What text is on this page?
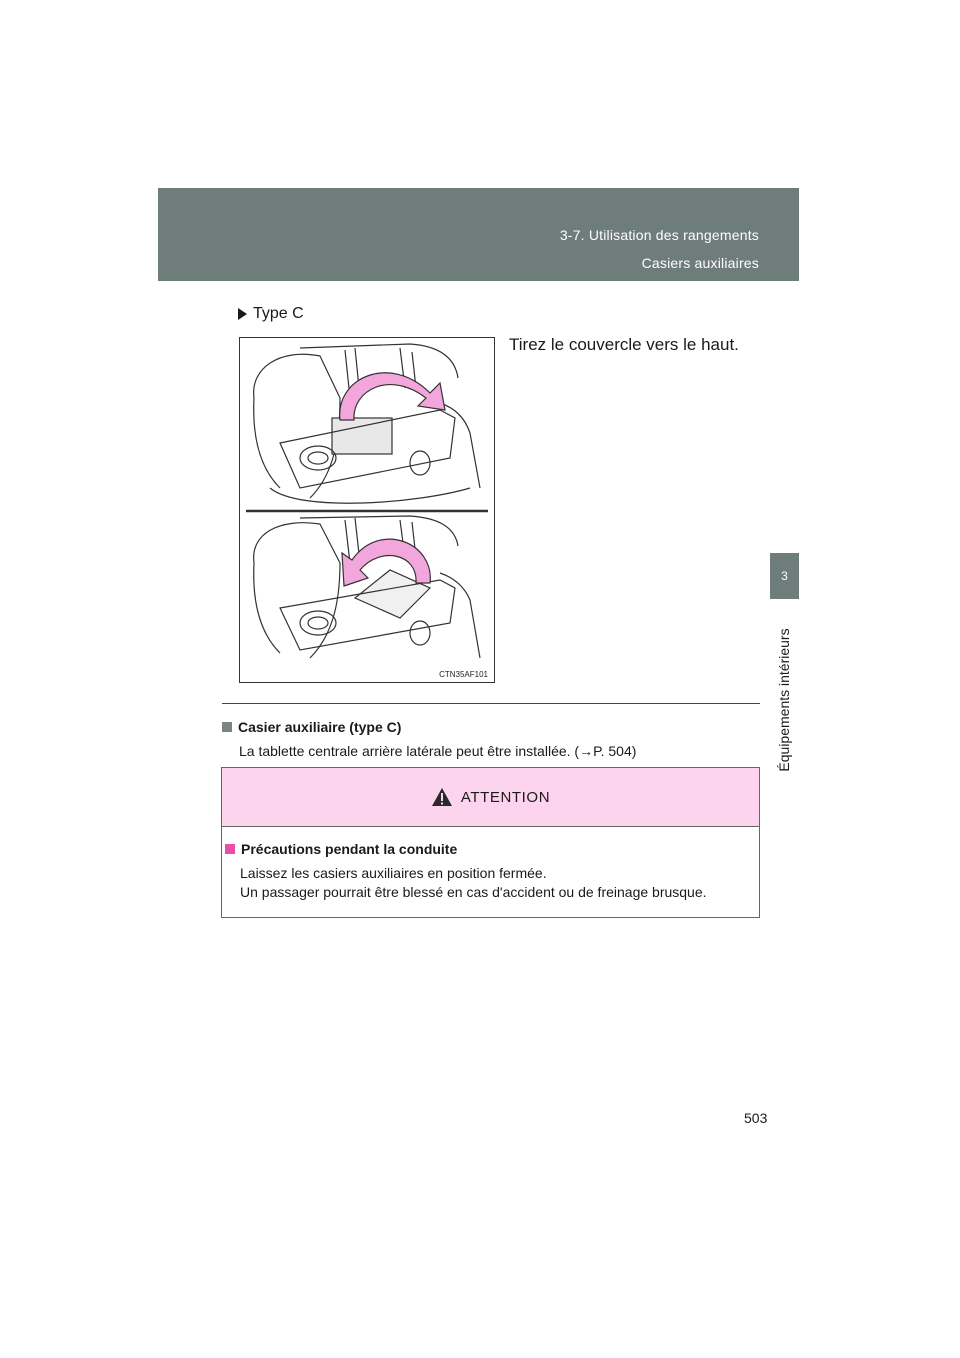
3-7. Utilisation des rangements
Casiers auxiliaires
3
Équipements intérieurs
Type C
Tirez le couvercle vers le haut.
CTN35AF101
Casier auxiliaire (type C)
La tablette centrale arrière latérale peut être installée. (→P. 504)
ATTENTION
Précautions pendant la conduite
Laissez les casiers auxiliaires en position fermée.
Un passager pourrait être blessé en cas d'accident ou de freinage brusque.
503
